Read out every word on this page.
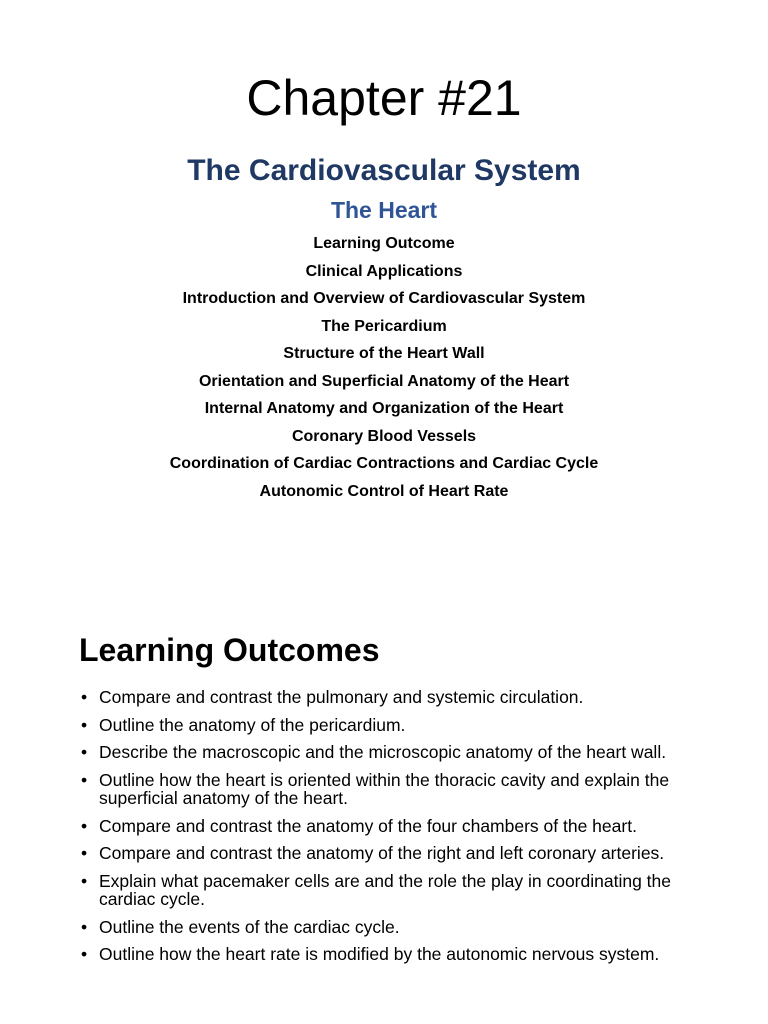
Chapter #21
The Cardiovascular System
The Heart
Learning Outcome
Clinical Applications
Introduction and Overview of Cardiovascular System
The Pericardium
Structure of the Heart Wall
Orientation and Superficial Anatomy of the Heart
Internal Anatomy and Organization of the Heart
Coronary Blood Vessels
Coordination of Cardiac Contractions and Cardiac Cycle
Autonomic Control of Heart Rate
Learning Outcomes
• Compare and contrast the pulmonary and systemic circulation.
• Outline the anatomy of the pericardium.
• Describe the macroscopic and the microscopic anatomy of the heart wall.
• Outline how the heart is oriented within the thoracic cavity and explain the superficial anatomy of the heart.
• Compare and contrast the anatomy of the four chambers of the heart.
• Compare and contrast the anatomy of the right and left coronary arteries.
• Explain what pacemaker cells are and the role the play in coordinating the cardiac cycle.
• Outline the events of the cardiac cycle.
• Outline how the heart rate is modified by the autonomic nervous system.
